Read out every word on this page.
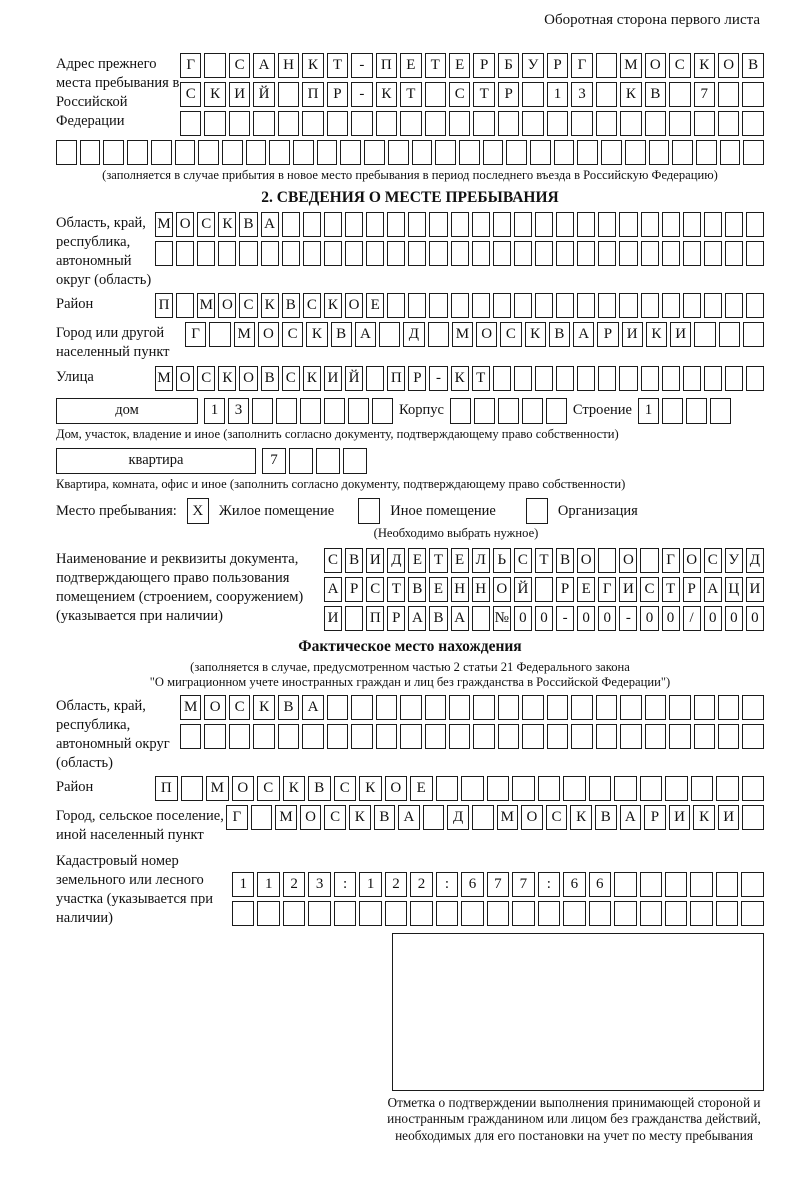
Оборотная сторона первого листа
Адрес прежнего места пребывания в Российской Федерации
Г	С А Н К Т	-	П Е	Т	Е	Р	Б У Р	Г	М О С К О В
С К И Й	П Р	-	К Т	С Т	Р	1	3	К В	7
(заполняется в случае прибытия в новое место пребывания в период последнего въезда в Российскую Федерацию)
2. СВЕДЕНИЯ О МЕСТЕ ПРЕБЫВАНИЯ
Область, край, республика, автономный округ (область)
М О С К В А
Район	П М О С К В С К О Е
Город или другой населенный пункт
Г	М О С К В А	Д	М О С К В А Р И К И
Улица	М О С К О В С К И Й П Р - К Т
дом	1	3	Корпус	Строение 1
Дом, участок, владение и иное (заполнить согласно документу, подтверждающему право собственности)
квартира	7
Квартира, комната, офис и иное (заполнить согласно документу, подтверждающему право собственности)
Место пребывания:	X	Жилое помещение	Иное помещение	Организация
(Необходимо выбрать нужное)
Наименование и реквизиты документа, подтверждающего право пользования помещением (строением, сооружением) (указывается при наличии)
С В И Д Е Т Е Л Ь С Т В О О	Г О С У Д
А Р С Т В Е Н Н О Й	Р Е Г И С Т Р А Ц И
И П Р А В А № 0 0 - 0 0 - 0 0	/	0 0 0
Фактическое место нахождения
(заполняется в случае, предусмотренном частью 2 статьи 21 Федерального закона
"О миграционном учете иностранных граждан и лиц без гражданства в Российской Федерации")
Область, край, республика, автономный округ (область)
М О С К В А
Район	П	М О	С	К	В	С	К	О	Е
Город, сельское поселение, иной населенный пункт
Г	М О С К В А	Д	М О С К В А	Р	И К И
Кадастровый номер земельного или лесного участка (указывается при наличии)
1	1	2	3	:	1	2	2	:	6	7	7	:	6	6
Отметка о подтверждении выполнения принимающей стороной и иностранным гражданином или лицом без гражданства действий, необходимых для его постановки на учет по месту пребывания
